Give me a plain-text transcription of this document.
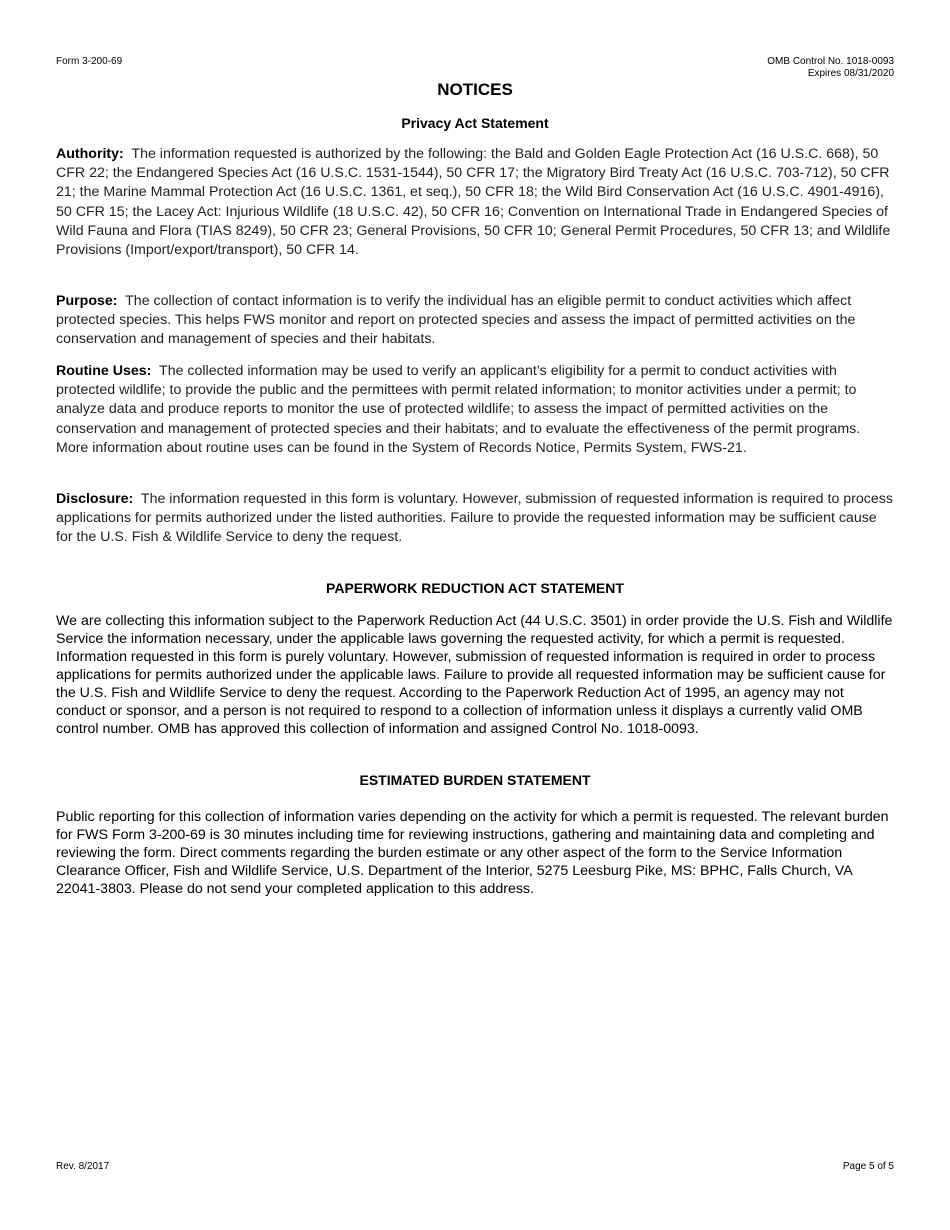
Form 3-200-69	OMB Control No. 1018-0093
Expires 08/31/2020
NOTICES
Privacy Act Statement

Authority: The information requested is authorized by the following: the Bald and Golden Eagle Protection Act (16 U.S.C. 668), 50 CFR 22; the Endangered Species Act (16 U.S.C. 1531-1544), 50 CFR 17; the Migratory Bird Treaty Act (16 U.S.C. 703-712), 50 CFR 21; the Marine Mammal Protection Act (16 U.S.C. 1361, et seq.), 50 CFR 18; the Wild Bird Conservation Act (16 U.S.C. 4901-4916), 50 CFR 15; the Lacey Act: Injurious Wildlife (18 U.S.C. 42), 50 CFR 16; Convention on International Trade in Endangered Species of Wild Fauna and Flora (TIAS 8249), 50 CFR 23; General Provisions, 50 CFR 10; General Permit Procedures, 50 CFR 13; and Wildlife Provisions (Import/export/transport), 50 CFR 14.

Purpose: The collection of contact information is to verify the individual has an eligible permit to conduct activities which affect protected species. This helps FWS monitor and report on protected species and assess the impact of permitted activities on the conservation and management of species and their habitats.

Routine Uses: The collected information may be used to verify an applicant’s eligibility for a permit to conduct activities with protected wildlife; to provide the public and the permittees with permit related information; to monitor activities under a permit; to analyze data and produce reports to monitor the use of protected wildlife; to assess the impact of permitted activities on the conservation and management of protected species and their habitats; and to evaluate the effectiveness of the permit programs. More information about routine uses can be found in the System of Records Notice, Permits System, FWS-21.

Disclosure: The information requested in this form is voluntary. However, submission of requested information is required to process applications for permits authorized under the listed authorities. Failure to provide the requested information may be sufficient cause for the U.S. Fish & Wildlife Service to deny the request.

PAPERWORK REDUCTION ACT STATEMENT

We are collecting this information subject to the Paperwork Reduction Act (44 U.S.C. 3501) in order provide the U.S. Fish and Wildlife Service the information necessary, under the applicable laws governing the requested activity, for which a permit is requested. Information requested in this form is purely voluntary. However, submission of requested information is required in order to process applications for permits authorized under the applicable laws. Failure to provide all requested information may be sufficient cause for the U.S. Fish and Wildlife Service to deny the request. According to the Paperwork Reduction Act of 1995, an agency may not conduct or sponsor, and a person is not required to respond to a collection of information unless it displays a currently valid OMB control number. OMB has approved this collection of information and assigned Control No. 1018-0093.

ESTIMATED BURDEN STATEMENT

Public reporting for this collection of information varies depending on the activity for which a permit is requested. The relevant burden for FWS Form 3-200-69 is 30 minutes including time for reviewing instructions, gathering and maintaining data and completing and reviewing the form. Direct comments regarding the burden estimate or any other aspect of the form to the Service Information Clearance Officer, Fish and Wildlife Service, U.S. Department of the Interior, 5275 Leesburg Pike, MS: BPHC, Falls Church, VA 22041-3803. Please do not send your completed application to this address.

Rev. 8/2017	Page 5 of 5
